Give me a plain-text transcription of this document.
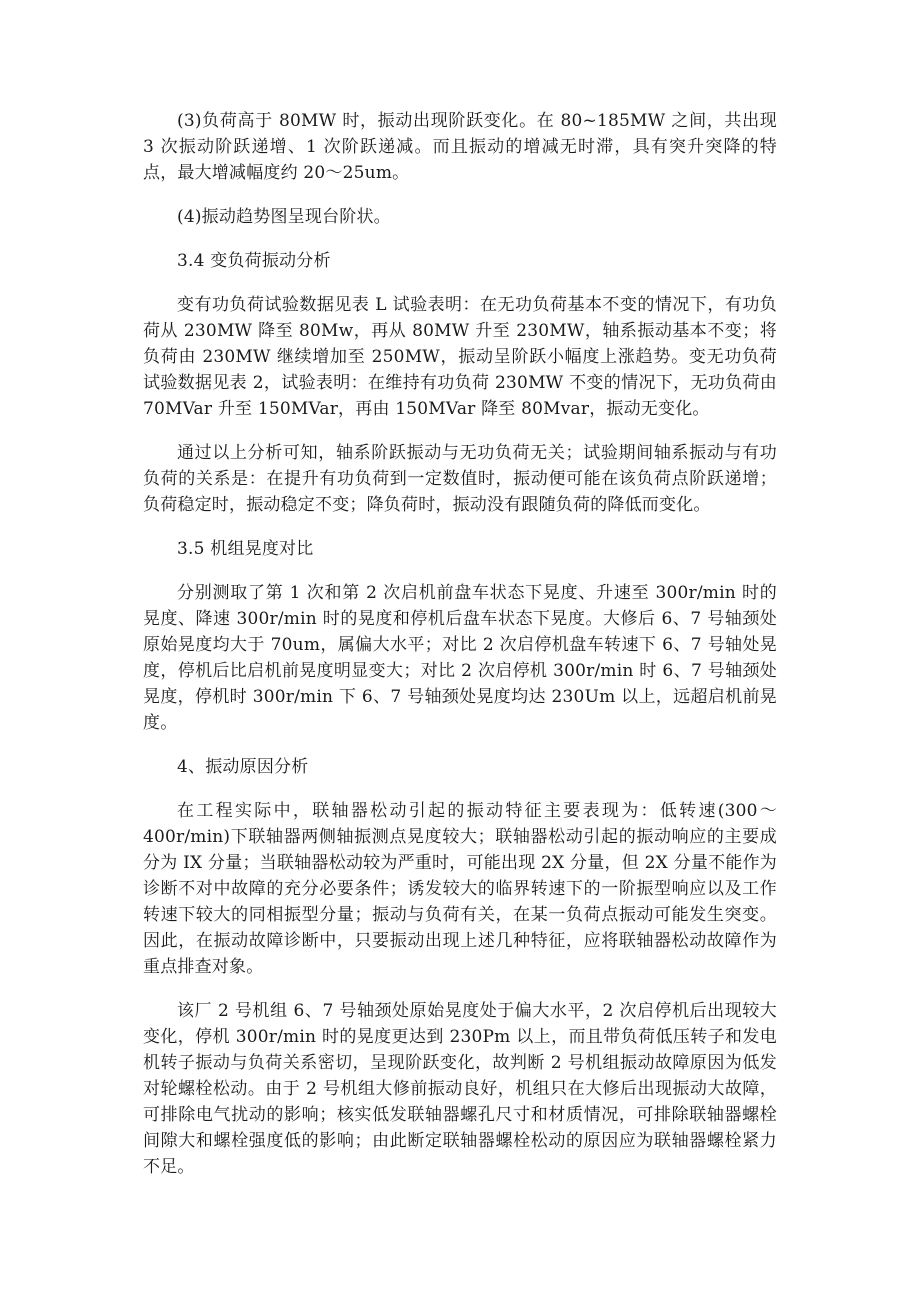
(3)负荷高于 80MW 时，振动出现阶跃变化。在 80~185MW 之间，共出现 3 次振动阶跃递增、1 次阶跃递减。而且振动的增减无时滞，具有突升突降的特点，最大增减幅度约 20～25um。

(4)振动趋势图呈现台阶状。

3.4 变负荷振动分析

变有功负荷试验数据见表 L 试验表明：在无功负荷基本不变的情况下，有功负荷从 230MW 降至 80Mw，再从 80MW 升至 230MW，轴系振动基本不变；将负荷由 230MW 继续增加至 250MW，振动呈阶跃小幅度上涨趋势。变无功负荷试验数据见表 2，试验表明：在维持有功负荷 230MW 不变的情况下，无功负荷由 70MVar 升至 150MVar，再由 150MVar 降至 80Mvar，振动无变化。

通过以上分析可知，轴系阶跃振动与无功负荷无关；试验期间轴系振动与有功负荷的关系是：在提升有功负荷到一定数值时，振动便可能在该负荷点阶跃递增；负荷稳定时，振动稳定不变；降负荷时，振动没有跟随负荷的降低而变化。

3.5 机组晃度对比

分别测取了第 1 次和第 2 次启机前盘车状态下晃度、升速至 300r/min 时的晃度、降速 300r/min 时的晃度和停机后盘车状态下晃度。大修后 6、7 号轴颈处原始晃度均大于 70um，属偏大水平；对比 2 次启停机盘车转速下 6、7 号轴处晃度，停机后比启机前晃度明显变大；对比 2 次启停机 300r/min 时 6、7 号轴颈处晃度，停机时 300r/min 下 6、7 号轴颈处晃度均达 230Um 以上，远超启机前晃度。

4、振动原因分析

在工程实际中，联轴器松动引起的振动特征主要表现为：低转速(300～400r/min)下联轴器两侧轴振测点晃度较大；联轴器松动引起的振动响应的主要成分为 IX 分量；当联轴器松动较为严重时，可能出现 2X 分量，但 2X 分量不能作为诊断不对中故障的充分必要条件；诱发较大的临界转速下的一阶振型响应以及工作转速下较大的同相振型分量；振动与负荷有关，在某一负荷点振动可能发生突变。因此，在振动故障诊断中，只要振动出现上述几种特征，应将联轴器松动故障作为重点排查对象。

该厂 2 号机组 6、7 号轴颈处原始晃度处于偏大水平，2 次启停机后出现较大变化，停机 300r/min 时的晃度更达到 230Pm 以上，而且带负荷低压转子和发电机转子振动与负荷关系密切，呈现阶跃变化，故判断 2 号机组振动故障原因为低发对轮螺栓松动。由于 2 号机组大修前振动良好，机组只在大修后出现振动大故障，可排除电气扰动的影响；核实低发联轴器螺孔尺寸和材质情况，可排除联轴器螺栓间隙大和螺栓强度低的影响；由此断定联轴器螺栓松动的原因应为联轴器螺栓紧力不足。
